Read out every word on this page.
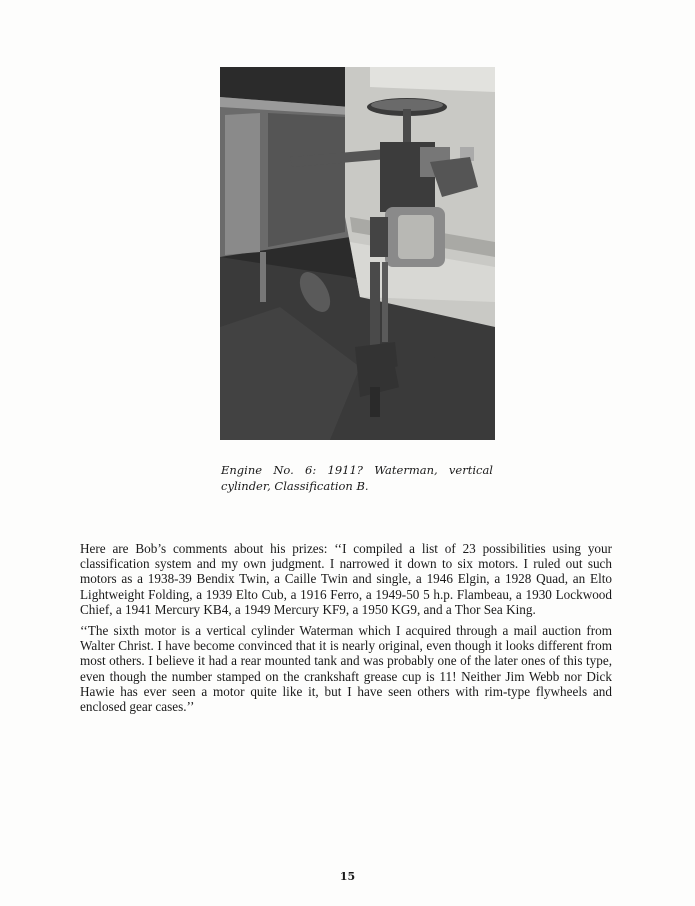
Engine No. 6: 1911? Waterman, vertical cylinder, Classification B.

Here are Bob’s comments about his prizes: ‘‘I compiled a list of 23 possibilities using your classification system and my own judgment. I narrowed it down to six motors. I ruled out such motors as a 1938-39 Bendix Twin, a Caille Twin and single, a 1946 Elgin, a 1928 Quad, an Elto Lightweight Folding, a 1939 Elto Cub, a 1916 Ferro, a 1949-50 5 h.p. Flambeau, a 1930 Lockwood Chief, a 1941 Mercury KB4, a 1949 Mercury KF9, a 1950 KG9, and a Thor Sea King.

‘‘The sixth motor is a vertical cylinder Waterman which I acquired through a mail auction from Walter Christ. I have become convinced that it is nearly original, even though it looks different from most others. I believe it had a rear mounted tank and was probably one of the later ones of this type, even though the number stamped on the crankshaft grease cup is 11! Neither Jim Webb nor Dick Hawie has ever seen a motor quite like it, but I have seen others with rim-type flywheels and enclosed gear cases.’’

15
